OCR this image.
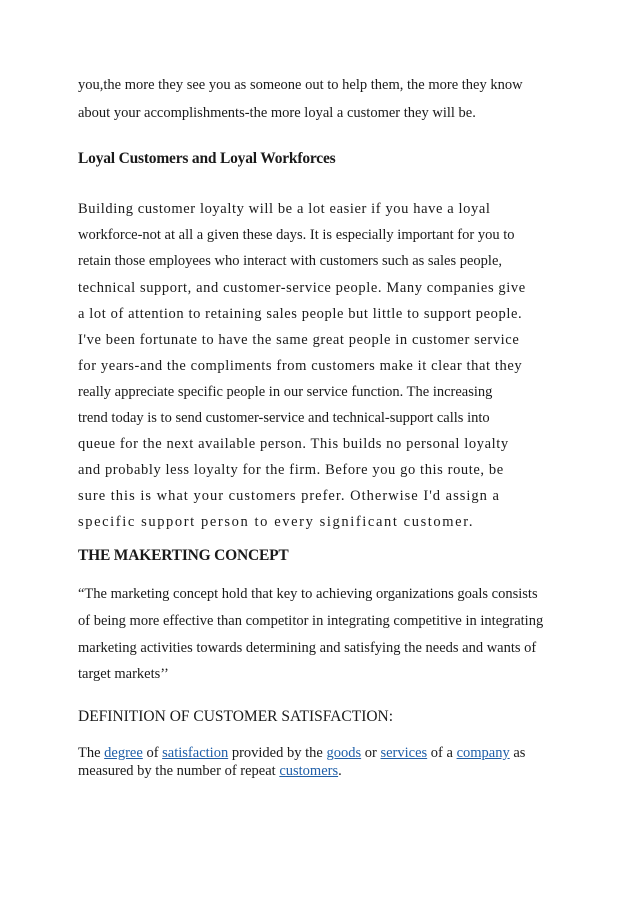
you,the more they see you as someone out to help them, the more they know
about your accomplishments-the more loyal a customer they will be.
Loyal Customers and Loyal Workforces
Building customer loyalty will be a lot easier if you have a loyal
workforce-not at all a given these days. It is especially important for you to
retain those employees who interact with customers such as sales people,
technical support, and customer-service people. Many companies give
a lot of attention to retaining sales people but little to support people.
I've been fortunate to have the same great people in customer service
for years-and the compliments from customers make it clear that they
really appreciate specific people in our service function. The increasing
trend today is to send customer-service and technical-support calls into
queue for the next available person. This builds no personal loyalty
and probably less loyalty for the firm. Before you go this route, be
sure this is what your customers prefer. Otherwise I'd assign a
specific support person to every significant customer.
THE MAKERTING CONCEPT
“The marketing concept hold that key to achieving organizations goals consists
of being more effective than competitor in integrating competitive in integrating
marketing activities towards determining and satisfying the needs and wants of
target markets’’
DEFINITION OF CUSTOMER SATISFACTION:
The degree of satisfaction provided by the goods or services of a company as
measured by the number of repeat customers.
